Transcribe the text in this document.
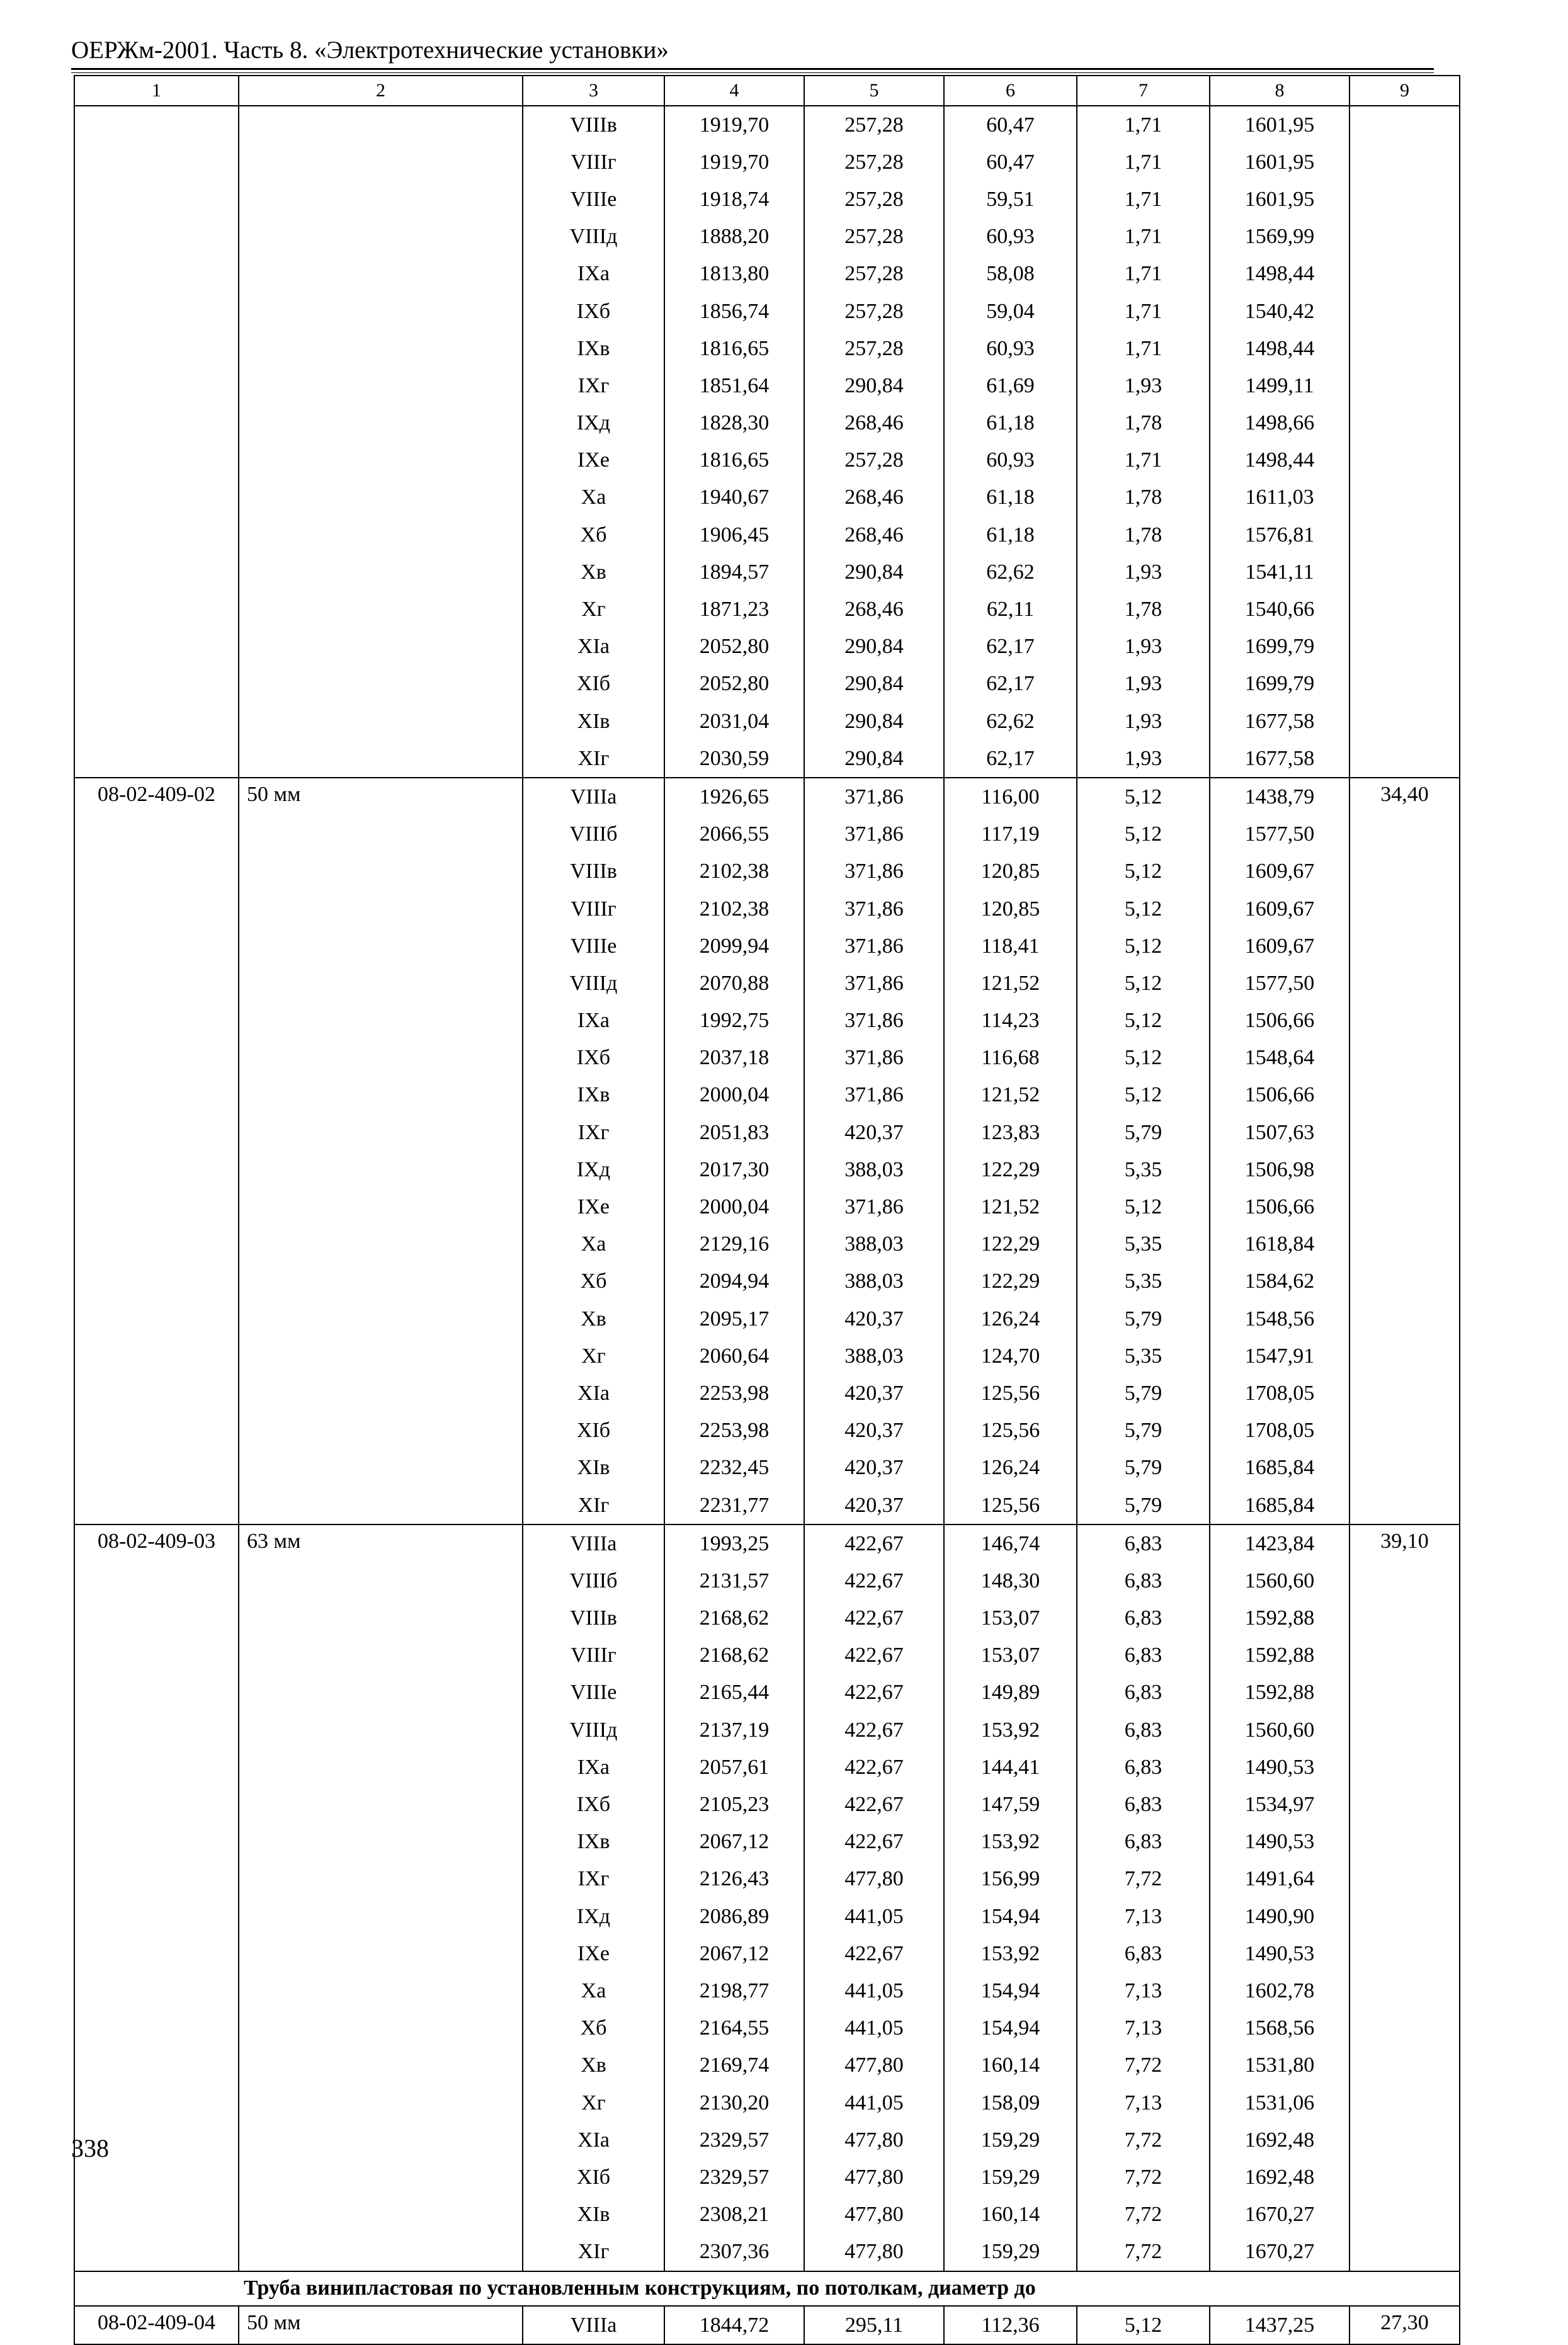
ОЕРЖм-2001. Часть 8. «Электротехнические установки»
1	2	3	4	5	6	7	8	9
		VIIIв	1919,70	257,28	60,47	1,71	1601,95	
		VIIIг	1919,70	257,28	60,47	1,71	1601,95	
		VIIIe	1918,74	257,28	59,51	1,71	1601,95	
		VIIIд	1888,20	257,28	60,93	1,71	1569,99	
		IXa	1813,80	257,28	58,08	1,71	1498,44	
		IXб	1856,74	257,28	59,04	1,71	1540,42	
		IXв	1816,65	257,28	60,93	1,71	1498,44	
		IXг	1851,64	290,84	61,69	1,93	1499,11	
		IXд	1828,30	268,46	61,18	1,78	1498,66	
		IXe	1816,65	257,28	60,93	1,71	1498,44	
		Xa	1940,67	268,46	61,18	1,78	1611,03	
		Xб	1906,45	268,46	61,18	1,78	1576,81	
		Xв	1894,57	290,84	62,62	1,93	1541,11	
		Xг	1871,23	268,46	62,11	1,78	1540,66	
		XIa	2052,80	290,84	62,17	1,93	1699,79	
		XIб	2052,80	290,84	62,17	1,93	1699,79	
		XIв	2031,04	290,84	62,62	1,93	1677,58	
		XIг	2030,59	290,84	62,17	1,93	1677,58	
08-02-409-02	50 мм	VIIIa	1926,65	371,86	116,00	5,12	1438,79	34,40
		VIIIб	2066,55	371,86	117,19	5,12	1577,50	
		VIIIв	2102,38	371,86	120,85	5,12	1609,67	
		VIIIг	2102,38	371,86	120,85	5,12	1609,67	
		VIIIe	2099,94	371,86	118,41	5,12	1609,67	
		VIIIд	2070,88	371,86	121,52	5,12	1577,50	
		IXa	1992,75	371,86	114,23	5,12	1506,66	
		IXб	2037,18	371,86	116,68	5,12	1548,64	
		IXв	2000,04	371,86	121,52	5,12	1506,66	
		IXг	2051,83	420,37	123,83	5,79	1507,63	
		IXд	2017,30	388,03	122,29	5,35	1506,98	
		IXe	2000,04	371,86	121,52	5,12	1506,66	
		Xa	2129,16	388,03	122,29	5,35	1618,84	
		Xб	2094,94	388,03	122,29	5,35	1584,62	
		Xв	2095,17	420,37	126,24	5,79	1548,56	
		Xг	2060,64	388,03	124,70	5,35	1547,91	
		XIa	2253,98	420,37	125,56	5,79	1708,05	
		XIб	2253,98	420,37	125,56	5,79	1708,05	
		XIв	2232,45	420,37	126,24	5,79	1685,84	
		XIг	2231,77	420,37	125,56	5,79	1685,84	
08-02-409-03	63 мм	VIIIa	1993,25	422,67	146,74	6,83	1423,84	39,10
		VIIIб	2131,57	422,67	148,30	6,83	1560,60	
		VIIIв	2168,62	422,67	153,07	6,83	1592,88	
		VIIIг	2168,62	422,67	153,07	6,83	1592,88	
		VIIIe	2165,44	422,67	149,89	6,83	1592,88	
		VIIIд	2137,19	422,67	153,92	6,83	1560,60	
		IXa	2057,61	422,67	144,41	6,83	1490,53	
		IXб	2105,23	422,67	147,59	6,83	1534,97	
		IXв	2067,12	422,67	153,92	6,83	1490,53	
		IXг	2126,43	477,80	156,99	7,72	1491,64	
		IXд	2086,89	441,05	154,94	7,13	1490,90	
		IXe	2067,12	422,67	153,92	6,83	1490,53	
		Xa	2198,77	441,05	154,94	7,13	1602,78	
		Xб	2164,55	441,05	154,94	7,13	1568,56	
		Xв	2169,74	477,80	160,14	7,72	1531,80	
		Xг	2130,20	441,05	158,09	7,13	1531,06	
		XIa	2329,57	477,80	159,29	7,72	1692,48	
		XIб	2329,57	477,80	159,29	7,72	1692,48	
		XIв	2308,21	477,80	160,14	7,72	1670,27	
		XIг	2307,36	477,80	159,29	7,72	1670,27	
Труба винипластовая по установленным конструкциям, по потолкам, диаметр до								
08-02-409-04	50 мм	VIIIa	1844,72	295,11	112,36	5,12	1437,25	27,30
338
